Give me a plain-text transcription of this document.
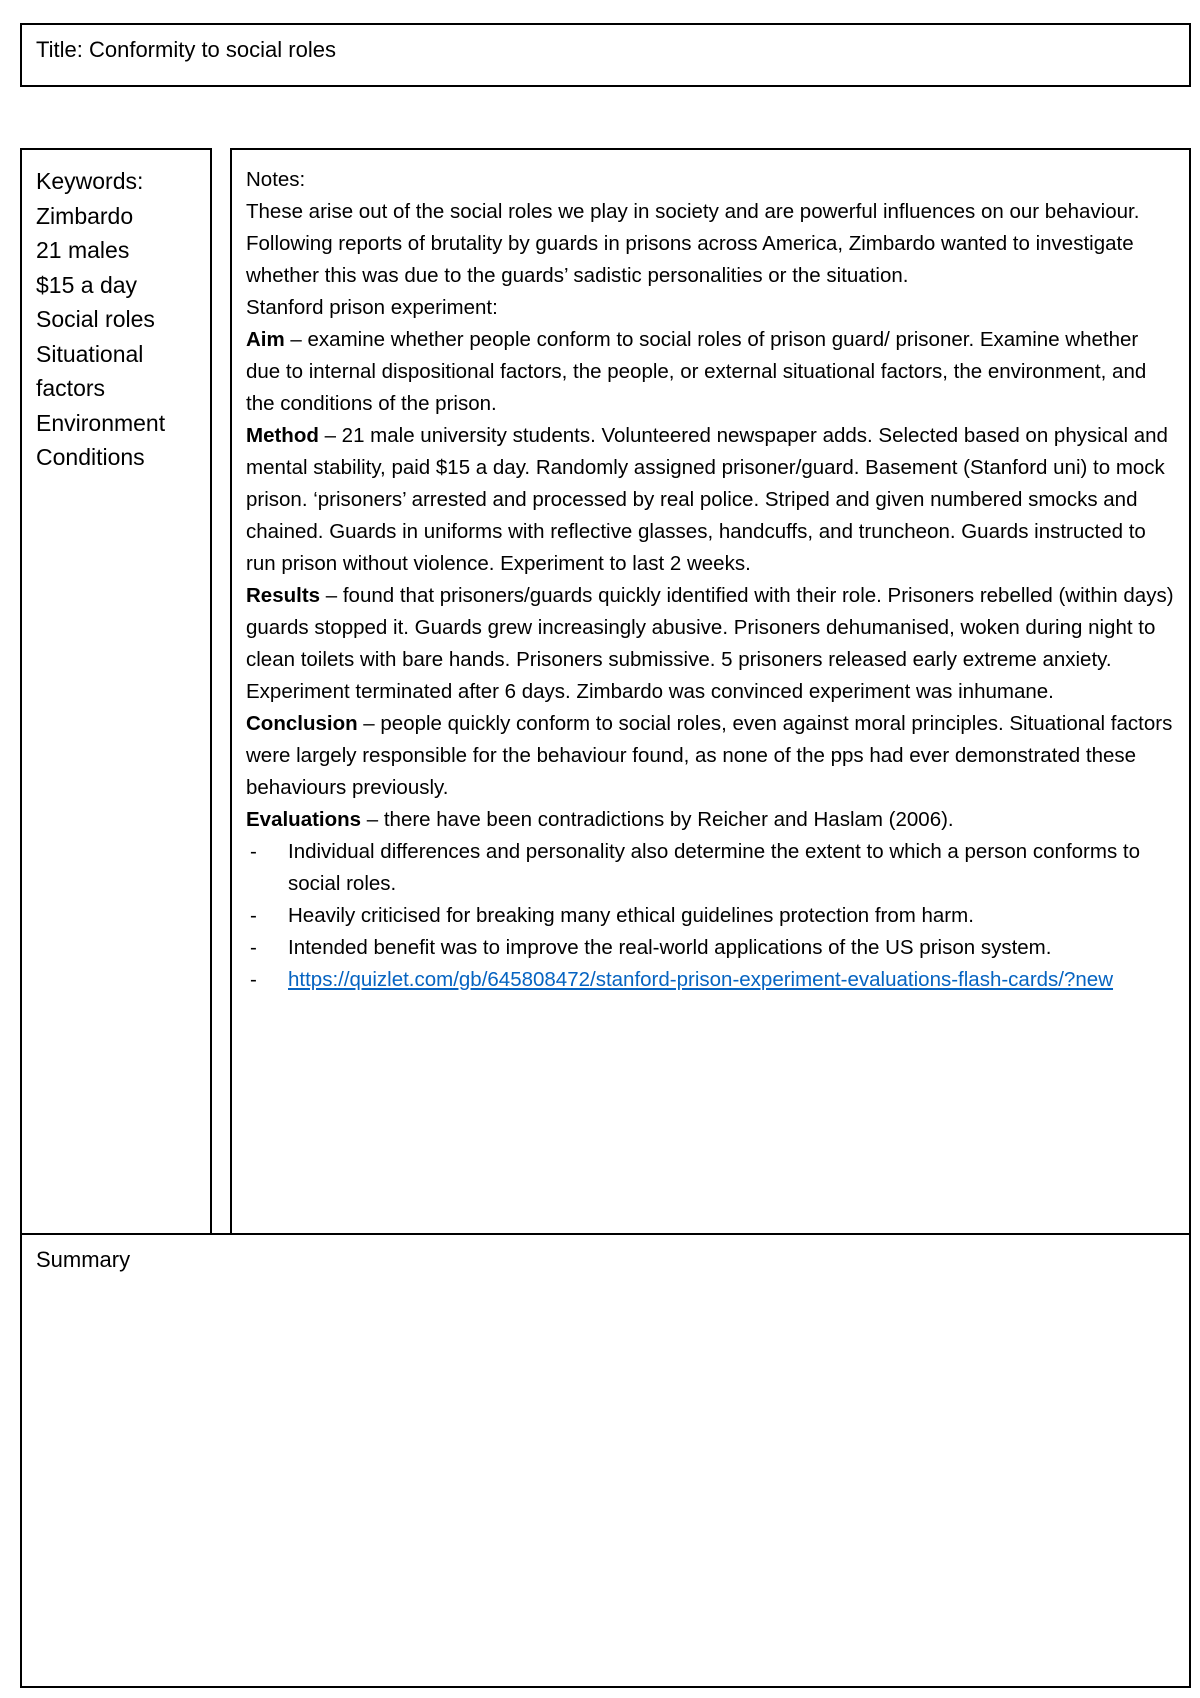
Title: Conformity to social roles
Keywords:
Zimbardo
21 males
$15 a day
Social roles
Situational factors
Environment
Conditions
Notes:
These arise out of the social roles we play in society and are powerful influences on our behaviour. Following reports of brutality by guards in prisons across America, Zimbardo wanted to investigate whether this was due to the guards’ sadistic personalities or the situation.
Stanford prison experiment:
Aim – examine whether people conform to social roles of prison guard/ prisoner. Examine whether due to internal dispositional factors, the people, or external situational factors, the environment, and the conditions of the prison.
Method – 21 male university students. Volunteered newspaper adds. Selected based on physical and mental stability, paid $15 a day. Randomly assigned prisoner/guard. Basement (Stanford uni) to mock prison. ‘prisoners’ arrested and processed by real police. Striped and given numbered smocks and chained. Guards in uniforms with reflective glasses, handcuffs, and truncheon. Guards instructed to run prison without violence. Experiment to last 2 weeks.
Results – found that prisoners/guards quickly identified with their role. Prisoners rebelled (within days) guards stopped it. Guards grew increasingly abusive. Prisoners dehumanised, woken during night to clean toilets with bare hands. Prisoners submissive. 5 prisoners released early extreme anxiety. Experiment terminated after 6 days. Zimbardo was convinced experiment was inhumane.
Conclusion – people quickly conform to social roles, even against moral principles. Situational factors were largely responsible for the behaviour found, as none of the pps had ever demonstrated these behaviours previously.
Evaluations – there have been contradictions by Reicher and Haslam (2006).
- Individual differences and personality also determine the extent to which a person conforms to social roles.
- Heavily criticised for breaking many ethical guidelines protection from harm.
- Intended benefit was to improve the real-world applications of the US prison system.
- https://quizlet.com/gb/645808472/stanford-prison-experiment-evaluations-flash-cards/?new
Summary
